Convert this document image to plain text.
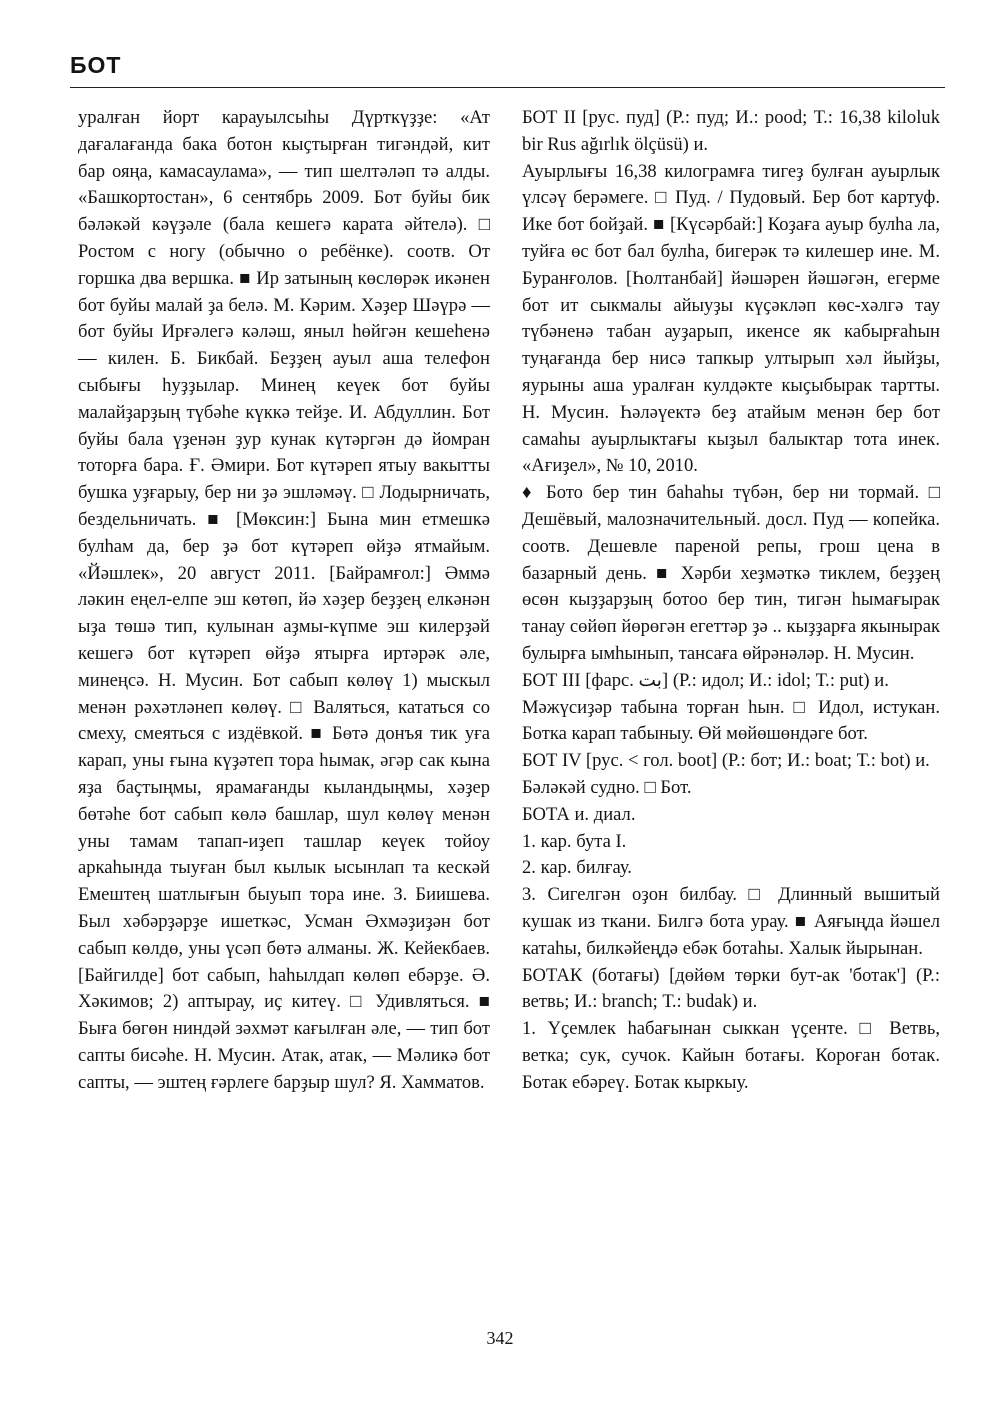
БОТ

уралған йорт карауылсыһы Дүрткүҙҙе: «Ат дағалағанда бака ботон кыҫтырған тигәндәй, кит бар ояңа, камасаулама», — тип шелтәләп тә алды. «Башкортостан», 6 сентябрь 2009. Бот буйы бик бәләкәй кәүҙәле (бала кешегә карата әйтелә). □ Ростом с ногу (обычно о ребёнке). соотв. От горшка два вершка. ■ Ир затының көслөрәк икәнен бот буйы малай ҙа белә. М. Кәрим. Хәҙер Шәүрә — бот буйы Ирғәлегә кәләш, яныл һөйгән кешеһенә — килен. Б. Бикбай. Беҙҙең ауыл аша телефон сыбығы һуҙҙылар. Минең кеүек бот буйы малайҙарҙың түбәһе күккә тейҙе. И. Абдуллин. Бот буйы бала үҙенән ҙур кунак күтәргән дә йомран тоторға бара. Ғ. Әмири. Бот күтәреп ятыу вакытты бушка уҙғарыу, бер ни ҙә эшләмәү. □ Лодырничать, бездельничать. ■ [Мөксин:] Бына мин етмешкә булһам да, бер ҙә бот күтәреп өйҙә ятмайым. «Йәшлек», 20 август 2011. [Байрамғол:] Әммә ләкин еңел-елпе эш көтөп, йә хәҙер беҙҙең елкәнән ыҙа төшә тип, кулынан аҙмы-күпме эш килерҙәй кешегә бот күтәреп өйҙә ятырға иртәрәк әле, минеңсә. Н. Мусин. Бот сабып көлөү 1) мыскыл менән рәхәтләнеп көлөү. □ Валяться, кататься со смеху, смеяться с издёвкой. ■ Бөтә донъя тик уға карап, уны ғына күҙәтеп тора һымак, әгәр сак кына яҙа баҫтыңмы, ярамағанды кыландыңмы, хәҙер бөтәһе бот сабып көлә башлар, шул көлөү менән уны тамам тапап-иҙеп ташлар кеүек тойоу аркаһында тыуған был кылык ысынлап та кескәй Емештең шатлығын быуып тора ине. З. Биишева. Был хәбәрҙәрҙе ишеткәс, Усман Әхмәҙиҙән бот сабып көлдө, уны үсәп бөтә алманы. Ж. Кейекбаев. [Байгилде] бот сабып, һаһылдап көлөп ебәрҙе. Ә. Хәкимов; 2) аптырау, иҫ китеү. □ Удивляться. ■ Быға бөгөн ниндәй зәхмәт кағылған әле, — тип бот сапты бисәһе. Н. Мусин. Атак, атак, — Мәликә бот сапты, — эштең ғәрлеге барҙыр шул? Я. Хамматов.

БОТ II [рус. пуд] (Р.: пуд; И.: pood; Т.: 16,38 kiloluk bir Rus ağırlık ölçüsü) и.

Ауырлығы 16,38 килограмға тигеҙ булған ауырлык үлсәү берәмеге. □ Пуд. / Пудовый. Бер бот картуф. Ике бот бойҙай. ■ [Күсәрбай:] Коҙаға ауыр булһа ла, туйға өс бот бал булһа, бигерәк тә килешер ине. М. Буранғолов. [Һолтанбай] йәшәрен йәшәгән, егерме бот ит сыкмалы айыуҙы күҫәкләп көс-хәлгә тау түбәненә табан ауҙарып, икенсе як кабырғаһын туңағанда бер нисә тапкыр ултырып хәл йыйҙы, яурыны аша уралған кулдәкте кыҫыбырак тартты. Н. Мусин. Һәләүектә беҙ атайым менән бер бот самаһы ауырлыктағы кыҙыл балыктар тота инек. «Ағиҙел», № 10, 2010.

♦ Бото бер тин баһаһы түбән, бер ни тормай. □ Дешёвый, малозначительный. досл. Пуд — копейка. соотв. Дешевле пареной репы, грош цена в базарный день. ■ Хәрби хеҙмәткә тиклем, беҙҙең өсөн кыҙҙарҙың ботоо бер тин, тигән һымағырак танау сөйөп йөрөгән егеттәр ҙә .. кыҙҙарға якынырак булырға ымһынып, тансаға өйрәнәләр. Н. Мусин.

БОТ III [фарс. بت] (Р.: идол; И.: idol; Т.: put) и.

Мәжүсиҙәр табына торған һын. □ Идол, истукан. Ботка карап табыныу. Өй мөйөшөндәге бот.

БОТ IV [рус. < гол. boot] (Р.: бот; И.: boat; Т.: bot) и.

Бәләкәй судно. □ Бот.

БОТА и. диал.

1. кар. бута I.

2. кар. билғау.

3. Сигелгән оҙон билбау. □ Длинный вышитый кушак из ткани. Билгә бота урау. ■ Аяғыңда йәшел катаһы, билкәйеңдә ебәк ботаһы. Халык йырынан.

БОТАК (ботағы) [дөйөм төрки бут-ак 'ботак'] (Р.: ветвь; И.: branch; Т.: budak) и.

1. Үҫемлек һабағынан сыккан үҫенте. □ Ветвь, ветка; сук, сучок. Кайын ботағы. Короған ботак. Ботак ебәреү. Ботак кыркыу.

342
